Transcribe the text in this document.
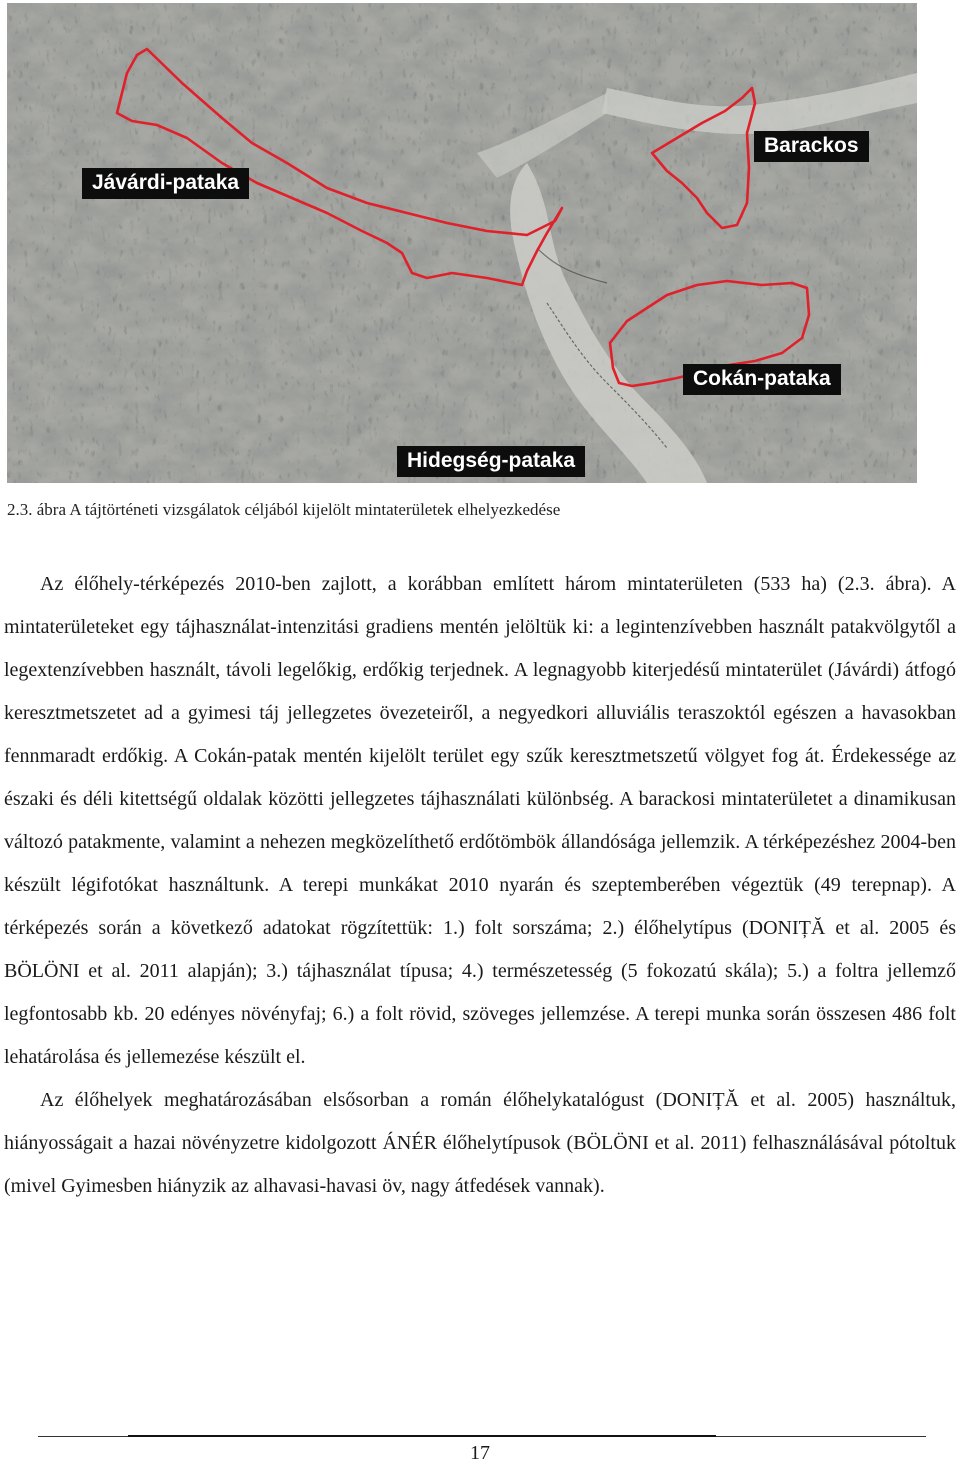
Jávárdi-pataka
Barackos
Cokán-pataka
Hidegség-pataka
2.3. ábra A tájtörténeti vizsgálatok céljából kijelölt mintaterületek elhelyezkedése

Az élőhely-térképezés 2010-ben zajlott, a korábban említett három mintaterületen (533 ha) (2.3. ábra). A mintaterületeket egy tájhasználat-intenzitási gradiens mentén jelöltük ki: a legintenzívebben használt patakvölgytől a legextenzívebben használt, távoli legelőkig, erdőkig terjednek. A legnagyobb kiterjedésű mintaterület (Jávárdi) átfogó keresztmetszetet ad a gyimesi táj jellegzetes övezeteiről, a negyedkori alluviális teraszoktól egészen a havasokban fennmaradt erdőkig. A Cokán-patak mentén kijelölt terület egy szűk keresztmetszetű völgyet fog át. Érdekessége az északi és déli kitettségű oldalak közötti jellegzetes tájhasználati különbség. A barackosi mintaterületet a dinamikusan változó patakmente, valamint a nehezen megközelíthető erdőtömbök állandósága jellemzik. A térképezéshez 2004-ben készült légifotókat használtunk. A terepi munkákat 2010 nyarán és szeptemberében végeztük (49 terepnap). A térképezés során a következő adatokat rögzítettük: 1.) folt sorszáma; 2.) élőhelytípus (DONIȚĂ et al. 2005 és BÖLÖNI et al. 2011 alapján); 3.) tájhasználat típusa; 4.) természetesség (5 fokozatú skála); 5.) a foltra jellemző legfontosabb kb. 20 edényes növényfaj; 6.) a folt rövid, szöveges jellemzése. A terepi munka során összesen 486 folt lehatárolása és jellemezése készült el.

Az élőhelyek meghatározásában elsősorban a román élőhelykatalógust (DONIȚĂ et al. 2005) használtuk, hiányosságait a hazai növényzetre kidolgozott ÁNÉR élőhelytípusok (BÖLÖNI et al. 2011) felhasználásával pótoltuk (mivel Gyimesben hiányzik az alhavasi-havasi öv, nagy átfedések vannak).

17
